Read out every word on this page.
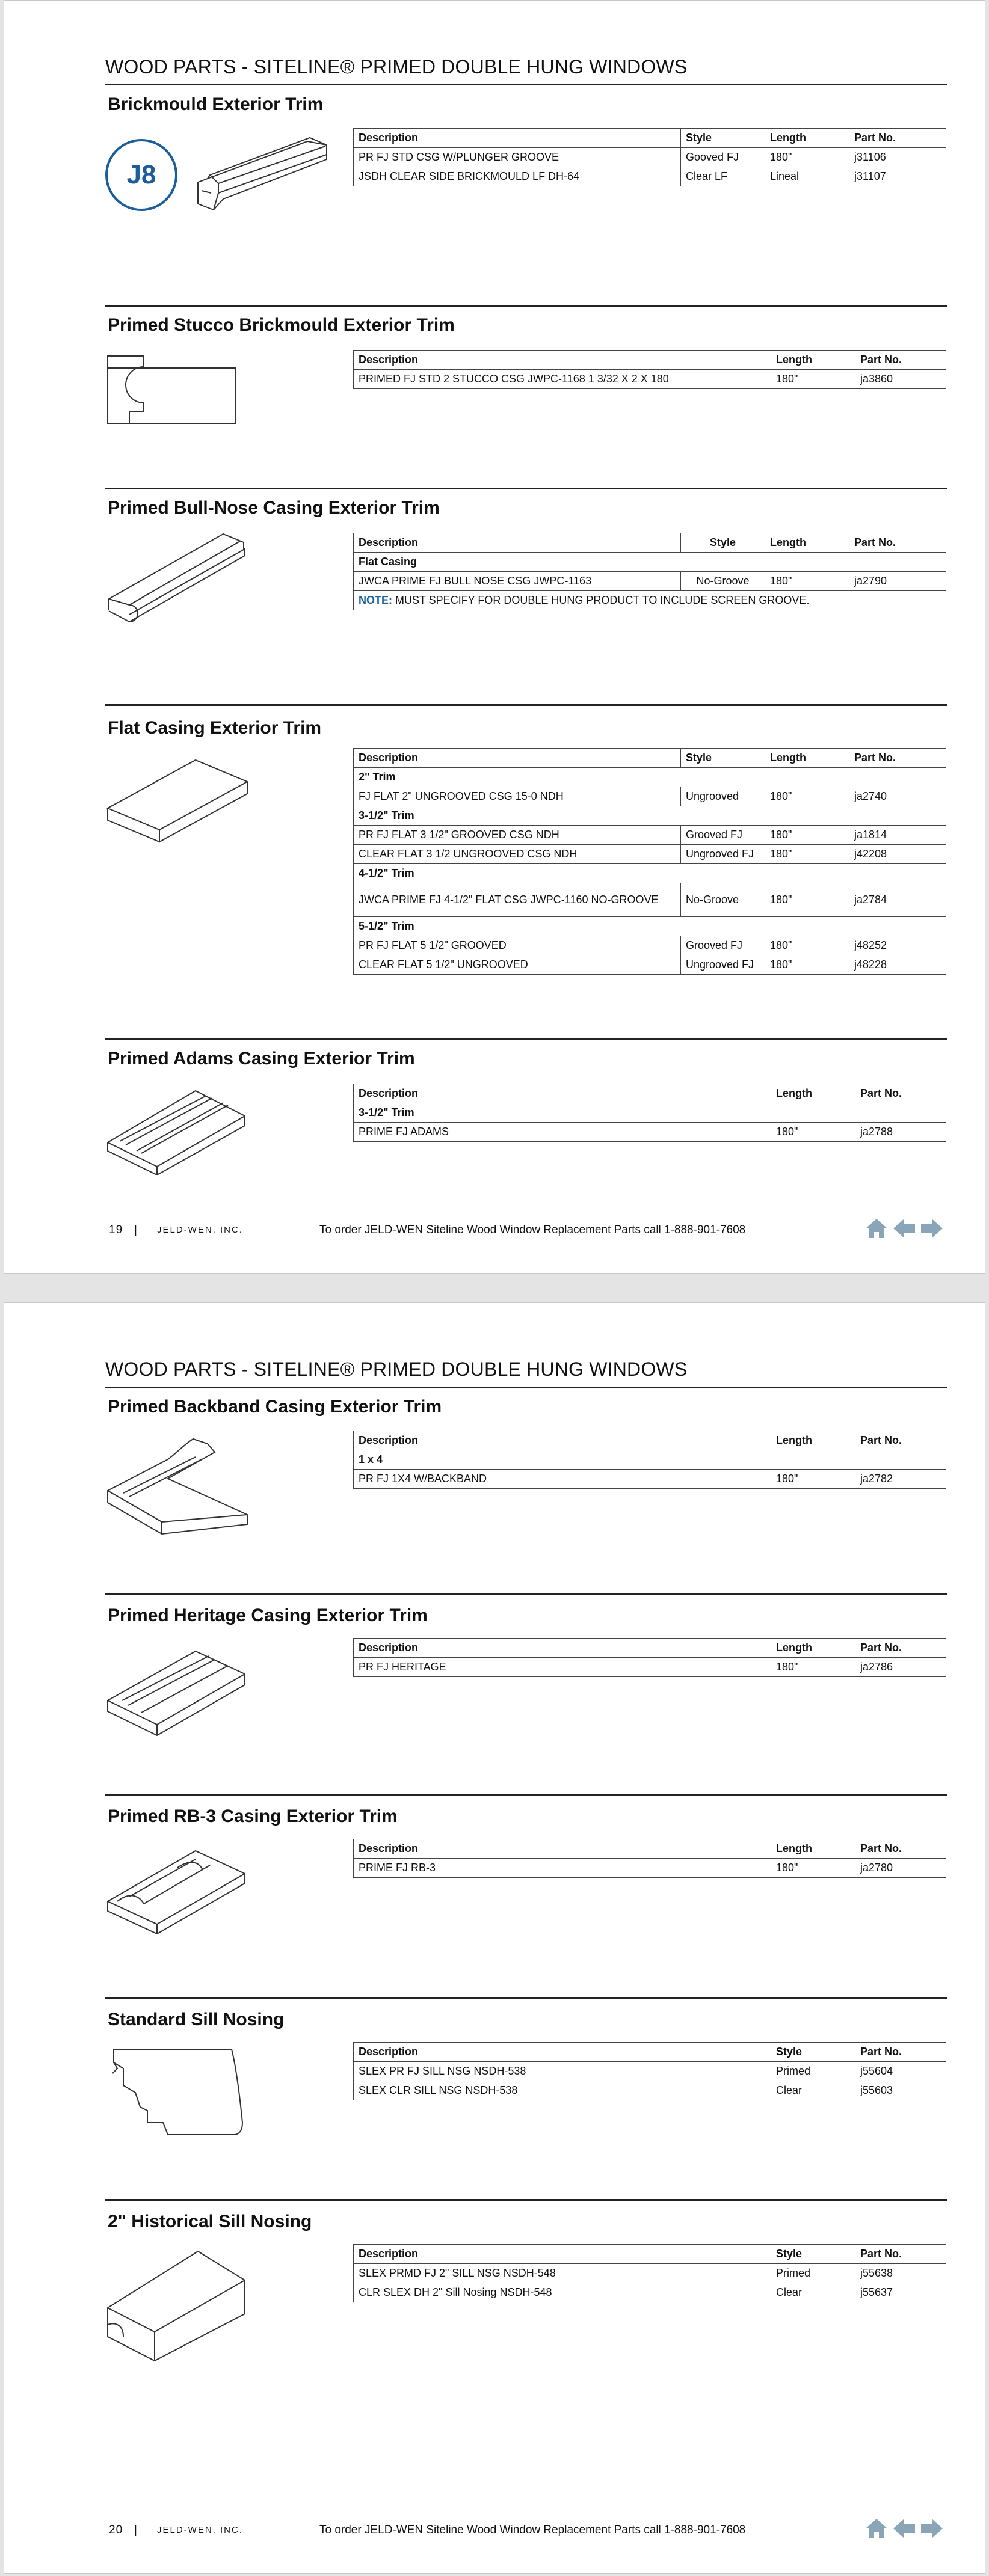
WOOD PARTS - SITELINE® PRIMED DOUBLE HUNG WINDOWS
Brickmould Exterior Trim
J8
Description	Style	Length	Part No.
PR FJ STD CSG W/PLUNGER GROOVE	Gooved FJ	180"	j31106
JSDH CLEAR SIDE BRICKMOULD LF DH-64	Clear LF	Lineal	j31107
Primed Stucco Brickmould Exterior Trim
Description	Length	Part No.
PRIMED FJ STD 2 STUCCO CSG JWPC-1168 1 3/32 X 2 X 180	180"	ja3860
Primed Bull-Nose Casing Exterior Trim
Description	Style	Length	Part No.
Flat Casing			
JWCA PRIME FJ BULL NOSE CSG JWPC-1163	No-Groove	180"	ja2790
NOTE: MUST SPECIFY FOR DOUBLE HUNG PRODUCT TO INCLUDE SCREEN GROOVE.			
Flat Casing Exterior Trim
Description	Style	Length	Part No.
2" Trim			
FJ FLAT 2" UNGROOVED CSG 15-0 NDH	Ungrooved	180"	ja2740
3-1/2" Trim			
PR FJ FLAT 3 1/2" GROOVED CSG NDH	Grooved FJ	180"	ja1814
CLEAR FLAT 3 1/2 UNGROOVED CSG NDH	Ungrooved FJ	180"	j42208
4-1/2" Trim			
JWCA PRIME FJ 4-1/2" FLAT CSG JWPC-1160 NO-GROOVE	No-Groove	180"	ja2784
5-1/2" Trim			
PR FJ FLAT 5 1/2" GROOVED	Grooved FJ	180"	j48252
CLEAR FLAT 5 1/2" UNGROOVED	Ungrooved FJ	180"	j48228
Primed Adams Casing Exterior Trim
Description	Length	Part No.
3-1/2" Trim		
PRIME FJ ADAMS	180"	ja2788
19 | JELD-WEN, INC.	To order JELD-WEN Siteline Wood Window Replacement Parts call 1-888-901-7608
WOOD PARTS - SITELINE® PRIMED DOUBLE HUNG WINDOWS
Primed Backband Casing Exterior Trim
Description	Length	Part No.
1 x 4		
PR FJ 1X4 W/BACKBAND	180"	ja2782
Primed Heritage Casing Exterior Trim
Description	Length	Part No.
PR FJ HERITAGE	180"	ja2786
Primed RB-3 Casing Exterior Trim
Description	Length	Part No.
PRIME FJ RB-3	180"	ja2780
Standard Sill Nosing
Description	Style	Part No.
SLEX PR FJ SILL NSG NSDH-538	Primed	j55604
SLEX CLR SILL NSG NSDH-538	Clear	j55603
2" Historical Sill Nosing
Description	Style	Part No.
SLEX PRMD FJ 2" SILL NSG NSDH-548	Primed	j55638
CLR SLEX DH 2" Sill Nosing NSDH-548	Clear	j55637
20 | JELD-WEN, INC.	To order JELD-WEN Siteline Wood Window Replacement Parts call 1-888-901-7608
